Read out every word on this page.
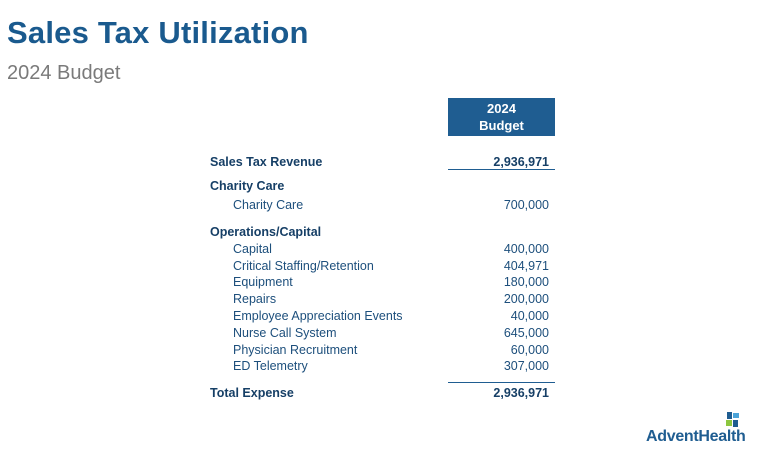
Sales Tax Utilization
2024 Budget
2024
Budget
Sales Tax Revenue	2,936,971
Charity Care
Charity Care	700,000
Operations/Capital
Capital	400,000
Critical Staffing/Retention	404,971
Equipment	180,000
Repairs	200,000
Employee Appreciation Events	40,000
Nurse Call System	645,000
Physician Recruitment	60,000
ED Telemetry	307,000
Total Expense	2,936,971
AdventHealth
